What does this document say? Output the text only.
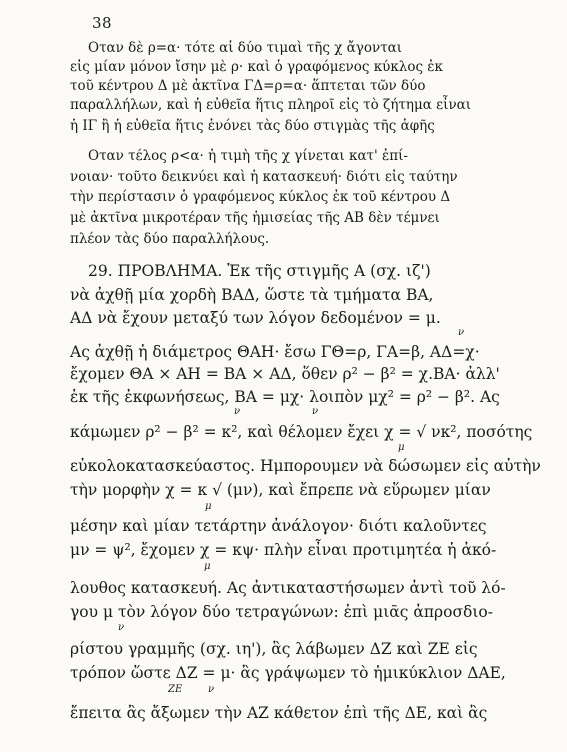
38
Οταν δὲ ρ=α· τότε αἱ δύο τιμαὶ τῆς χ ἄγονται
εἰς μίαν μόνον ἴσην μὲ ρ· καὶ ὁ γραφόμενος κύκλος ἐκ
τοῦ κέντρου Δ μὲ ἀκτῖνα ΓΔ=ρ=α· ἅπτεται τῶν δύο
παραλλήλων, καὶ ἡ εὐθεῖα ἥτις πληροῖ εἰς τὸ ζήτημα εἶναι
ἡ ΙΓ ἢ ἡ εὐθεῖα ἥτις ἑνόνει τὰς δύο στιγμὰς τῆς ἁφῆς
Οταν τέλος ρ<α· ἡ τιμὴ τῆς χ γίνεται κατ' ἐπί-
νοιαν· τοῦτο δεικνύει καὶ ἡ κατασκευή· διότι εἰς ταύτην
τὴν περίστασιν ὁ γραφόμενος κύκλος ἐκ τοῦ κέντρου Δ
μὲ ἀκτῖνα μικροτέραν τῆς ἡμισείας τῆς ΑΒ δὲν τέμνει
πλέον τὰς δύο παραλλήλους.
29. ΠΡΟΒΛΗΜΑ. Ἐκ τῆς στιγμῆς Α (σχ. ιζ')
νὰ ἀχθῇ μία χορδὴ ΒΑΔ, ὥστε τὰ τμήματα ΒΑ,
ΑΔ νὰ ἔχουν μεταξύ των λόγον δεδομένον = μ.
ν
Ας ἀχθῇ ἡ διάμετρος ΘΑΗ· ἔσω ΓΘ=ρ, ΓΑ=β, ΑΔ=χ·
ἔχομεν ΘΑ × ΑΗ = ΒΑ × ΑΔ, ὅθεν ρ² − β² = χ.ΒΑ· ἀλλ'
ἐκ τῆς ἐκφωνήσεως, ΒΑ = μχ· λοιπὸν μχ² = ρ² − β². Ας
ν	ν
κάμωμεν ρ² − β² = κ², καὶ θέλομεν ἔχει χ = √ νκ², ποσότης
μ
εὐκολοκατασκεύαστος. Ημπορουμεν νὰ δώσωμεν εἰς αὐτὴν
τὴν μορφὴν χ = κ √ (μν), καὶ ἔπρεπε νὰ εὕρωμεν μίαν
μ
μέσην καὶ μίαν τετάρτην ἀνάλογον· διότι καλοῦντες
μν = ψ², ἔχομεν χ = κψ· πλὴν εἶναι προτιμητέα ἡ ἀκό-
μ
λουθος κατασκευή. Ας ἀντικαταστήσωμεν ἀντὶ τοῦ λό-
γου μ τὸν λόγον δύο τετραγώνων: ἐπὶ μιᾶς ἀπροσδιο-
ν
ρίστου γραμμῆς (σχ. ιη'), ἃς λάβωμεν ΔΖ καὶ ΖΕ εἰς
τρόπον ὥστε ΔΖ = μ· ἂς γράψωμεν τὸ ἡμικύκλιον ΔΑΕ,
ΖΕ	ν
ἔπειτα ἂς ἄξωμεν τὴν ΑΖ κάθετον ἐπὶ τῆς ΔΕ, καὶ ἂς
